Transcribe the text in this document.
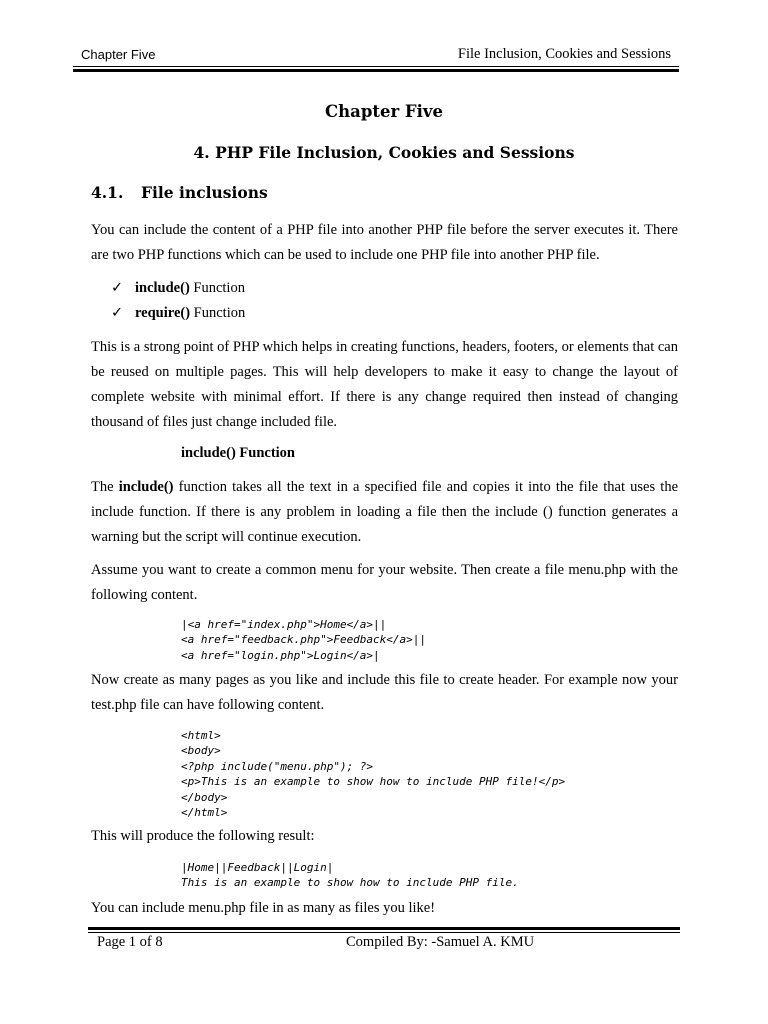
Chapter Five	File Inclusion, Cookies and Sessions
Chapter Five
4. PHP File Inclusion, Cookies and Sessions
4.1. File inclusions

You can include the content of a PHP file into another PHP file before the server executes it. There are two PHP functions which can be used to include one PHP file into another PHP file.

✓ include() Function
✓ require() Function

This is a strong point of PHP which helps in creating functions, headers, footers, or elements that can be reused on multiple pages. This will help developers to make it easy to change the layout of complete website with minimal effort. If there is any change required then instead of changing thousand of files just change included file.

include() Function

The include() function takes all the text in a specified file and copies it into the file that uses the include function. If there is any problem in loading a file then the include () function generates a warning but the script will continue execution.

Assume you want to create a common menu for your website. Then create a file menu.php with the following content.

|<a href="index.php">Home</a>||
<a href="feedback.php">Feedback</a>||
<a href="login.php">Login</a>|

Now create as many pages as you like and include this file to create header. For example now your test.php file can have following content.

<html>
<body>
<?php include("menu.php"); ?>
<p>This is an example to show how to include PHP file!</p>
</body>
</html>

This will produce the following result:

|Home||Feedback||Login|
This is an example to show how to include PHP file.

You can include menu.php file in as many as files you like!

Page 1 of 8	Compiled By: -Samuel A. KMU
